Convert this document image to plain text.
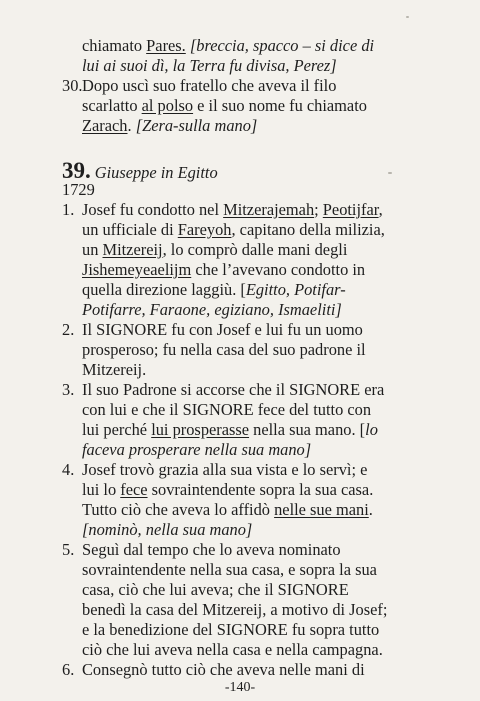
chiamato Pares. [breccia, spacco – si dice di
lui ai suoi dì, la Terra fu divisa, Perez]
30. Dopo uscì suo fratello che aveva il filo
scarlatto al polso e il suo nome fu chiamato
Zarach. [Zera-sulla mano]
39. Giuseppe in Egitto
1729
1. Josef fu condotto nel Mitzerajemah; Peotijfar,
un ufficiale di Fareyoh, capitano della milizia,
un Mitzereij, lo comprò dalle mani degli
Jishemeyeaelijm che l’avevano condotto in
quella direzione laggiù. [Egitto, Potifar-
Potifarre, Faraone, egiziano, Ismaeliti]
2. Il SIGNORE fu con Josef e lui fu un uomo
prosperoso; fu nella casa del suo padrone il
Mitzereij.
3. Il suo Padrone si accorse che il SIGNORE era
con lui e che il SIGNORE fece del tutto con
lui perché lui prosperasse nella sua mano. [lo
faceva prosperare nella sua mano]
4. Josef trovò grazia alla sua vista e lo servì; e
lui lo fece sovraintendente sopra la sua casa.
Tutto ciò che aveva lo affidò nelle sue mani.
[nominò, nella sua mano]
5. Seguì dal tempo che lo aveva nominato
sovraintendente nella sua casa, e sopra la sua
casa, ciò che lui aveva; che il SIGNORE
benedì la casa del Mitzereij, a motivo di Josef;
e la benedizione del SIGNORE fu sopra tutto
ciò che lui aveva nella casa e nella campagna.
6. Consegnò tutto ciò che aveva nelle mani di
-140-
